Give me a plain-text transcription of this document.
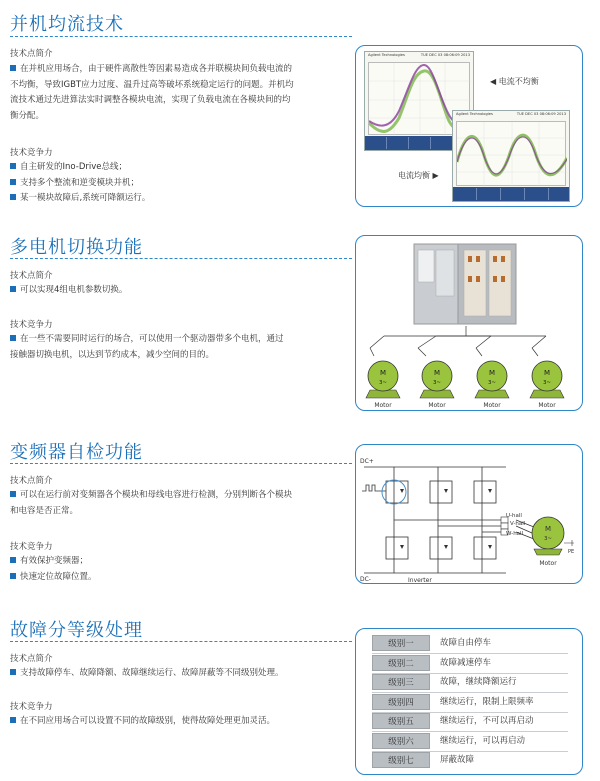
并机均流技术
技术点简介
在并机应用场合，由于硬件离散性等因素易造成各并联模块间负载电流的
不均衡，导致IGBT应力过度、温升过高等破坏系统稳定运行的问题。并机均
流技术通过先进算法实时调整各模块电流，实现了负载电流在各模块间的均
衡分配。
技术竞争力
自主研发的Ino-Drive总线；
支持多个整流和逆变模块并机；
某一模块故障后,系统可降额运行。
Agilent Technologies	TUE DEC 03 08:06:09 2013
Agilent Technologies	TUE DEC 03 08:06:09 2013
◀ 电流不均衡
电流均衡 ▶
多电机切换功能
技术点简介
可以实现4组电机参数切换。
技术竞争力
在一些不需要同时运行的场合，可以使用一个驱动器带多个电机，通过
接触器切换电机，以达到节约成本，减少空间的目的。
M
3~
Motor
M
3~
Motor
M
3~
Motor
M
3~
Motor
变频器自检功能
技术点简介
可以在运行前对变频器各个模块和母线电容进行检测，分别判断各个模块
和电容是否正常。
技术竞争力
有效保护变频器；
快速定位故障位置。
DC+
DC-	Inverter
U-hall
V-hall
W-hall
M
3~
Motor
PE
故障分等级处理
技术点简介
支持故障停车、故障降额、故障继续运行、故障屏蔽等不同级别处理。
技术竞争力
在不同应用场合可以设置不同的故障级别，使得故障处理更加灵活。
级别一	故障自由停车
级别二	故障减速停车
级别三	故障，继续降额运行
级别四	继续运行，限制上限频率
级别五	继续运行，不可以再启动
级别六	继续运行，可以再启动
级别七	屏蔽故障
